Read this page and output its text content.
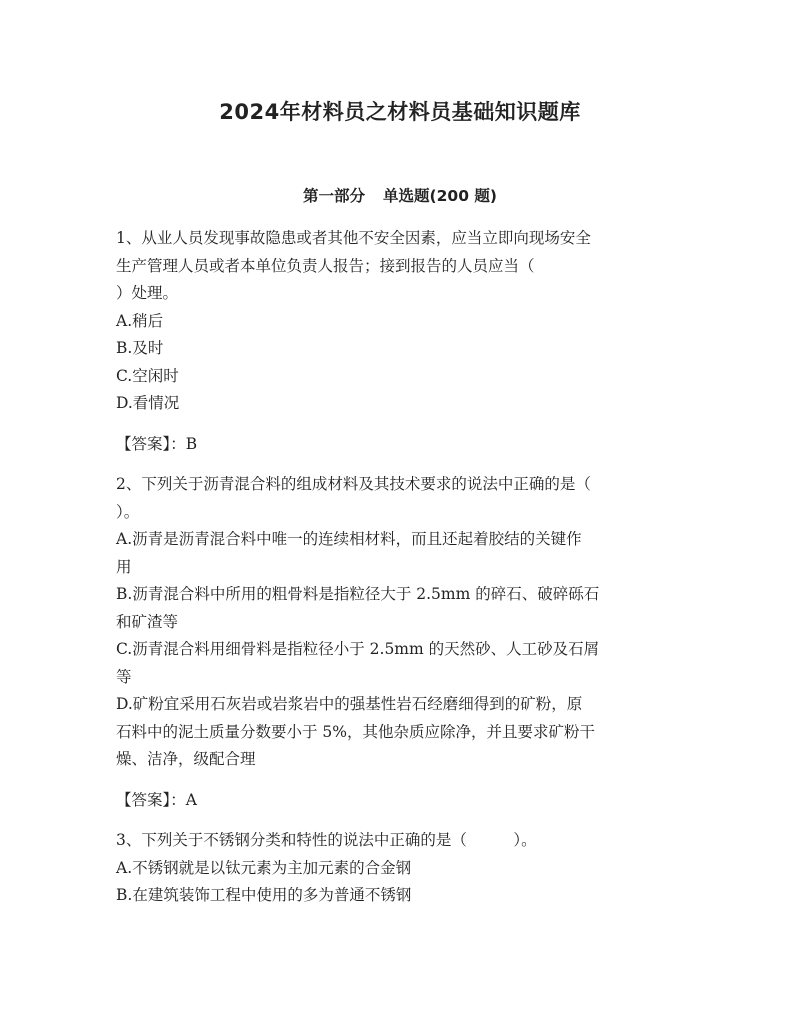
2024年材料员之材料员基础知识题库
第一部分 单选题(200 题)
1、从业人员发现事故隐患或者其他不安全因素，应当立即向现场安全
生产管理人员或者本单位负责人报告；接到报告的人员应当（
）处理。
A.稍后
B.及时
C.空闲时
D.看情况
【答案】：B
2、下列关于沥青混合料的组成材料及其技术要求的说法中正确的是（
）。
A.沥青是沥青混合料中唯一的连续相材料，而且还起着胶结的关键作
用
B.沥青混合料中所用的粗骨料是指粒径大于 2.5mm 的碎石、破碎砾石
和矿渣等
C.沥青混合料用细骨料是指粒径小于 2.5mm 的天然砂、人工砂及石屑
等
D.矿粉宜采用石灰岩或岩浆岩中的强基性岩石经磨细得到的矿粉，原
石料中的泥土质量分数要小于 5%，其他杂质应除净，并且要求矿粉干
燥、洁净，级配合理
【答案】：A
3、下列关于不锈钢分类和特性的说法中正确的是（　　　）。
A.不锈钢就是以钛元素为主加元素的合金钢
B.在建筑装饰工程中使用的多为普通不锈钢
